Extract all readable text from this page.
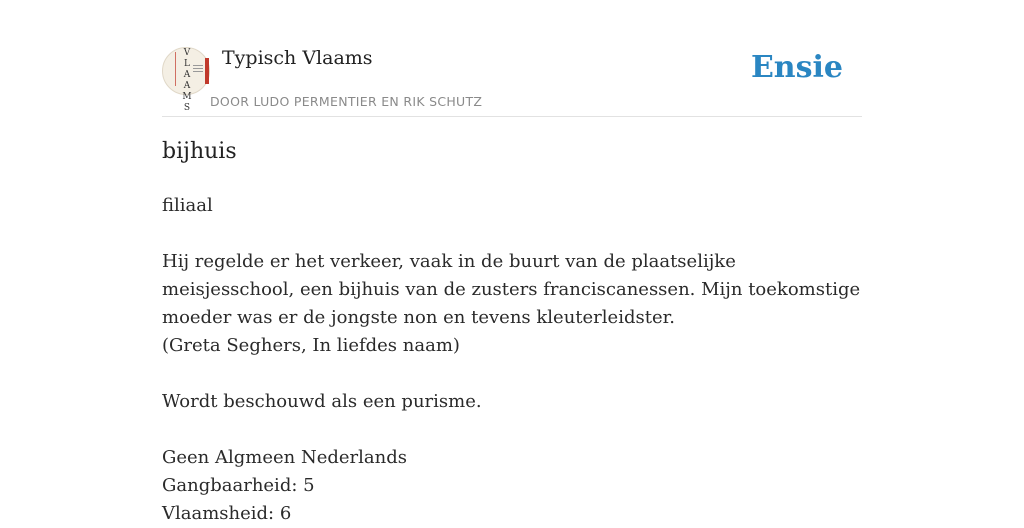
V
L
A
A
M
S
Typisch Vlaams
DOOR LUDO PERMENTIER EN RIK SCHUTZ
Ensie
bijhuis

filiaal

Hij regelde er het verkeer, vaak in de buurt van de plaatselijke meisjesschool, een bijhuis van de zusters franciscanessen. Mijn toekomstige moeder was er de jongste non en tevens kleuterleidster.

(Greta Seghers, In liefdes naam)

Wordt beschouwd als een purisme.

Geen Algmeen Nederlands

Gangbaarheid: 5

Vlaamsheid: 6
